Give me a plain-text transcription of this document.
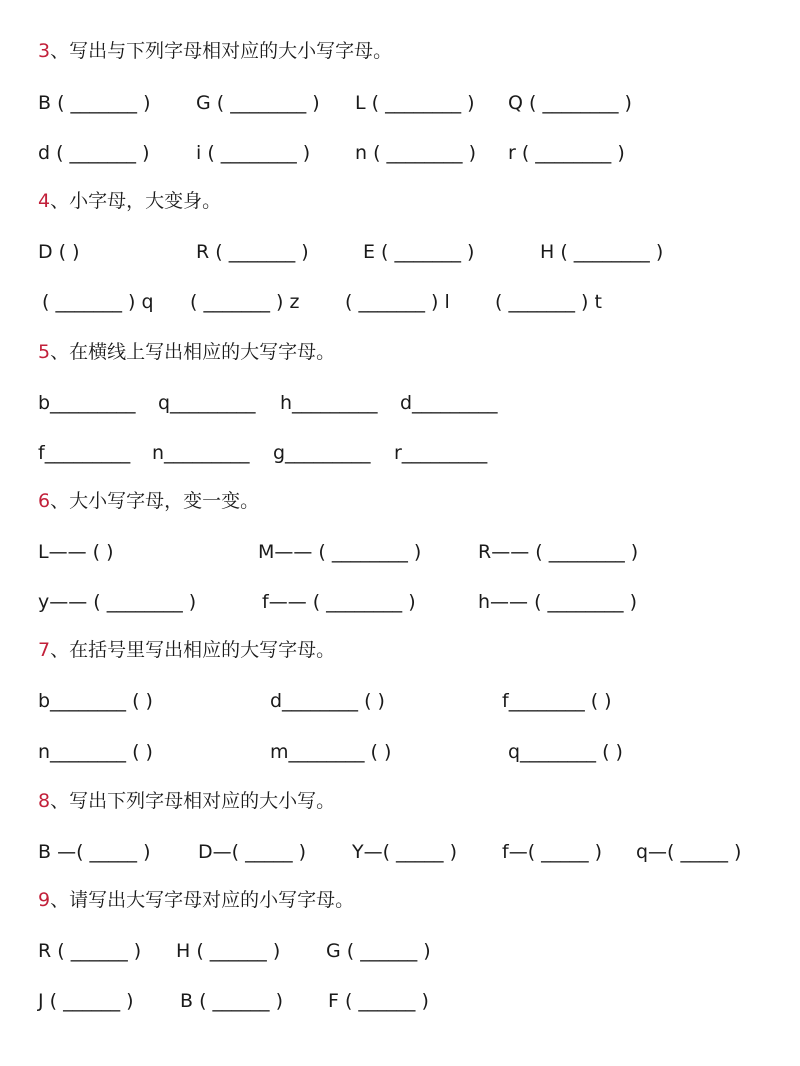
3、写出与下列字母相对应的大小写字母。
B ( _______ ) G ( ________ ) L ( ________ ) Q ( ________ )
d ( _______ ) i ( ________ ) n ( ________ ) r ( ________ )
4、小字母，大变身。
D ( )	R ( _______ )	E ( _______ )	H ( ________ )
( _______ ) q ( _______ ) z ( _______ ) l ( _______ ) t
5、在横线上写出相应的大写字母。
b_________ q_________ h_________ d_________
f_________ n_________ g_________ r_________
6、大小写字母，变一变。
L—— ( )	M—— ( ________ )	R—— ( ________ )
y—— ( ________ )	f—— ( ________ )	h—— ( ________ )
7、在括号里写出相应的大写字母。
b________ ( )	d________ ( )	f________ ( )
n________ ( )	m________ ( )	q________ ( )
8、写出下列字母相对应的大小写。
B —( _____ )	D—( _____ ) Y—( _____ ) f—( _____ ) q—( _____ )
9、请写出大写字母对应的小写字母。
R ( ______ ) H ( ______ ) G ( ______ )
J ( ______ ) B ( ______ ) F ( ______ )
